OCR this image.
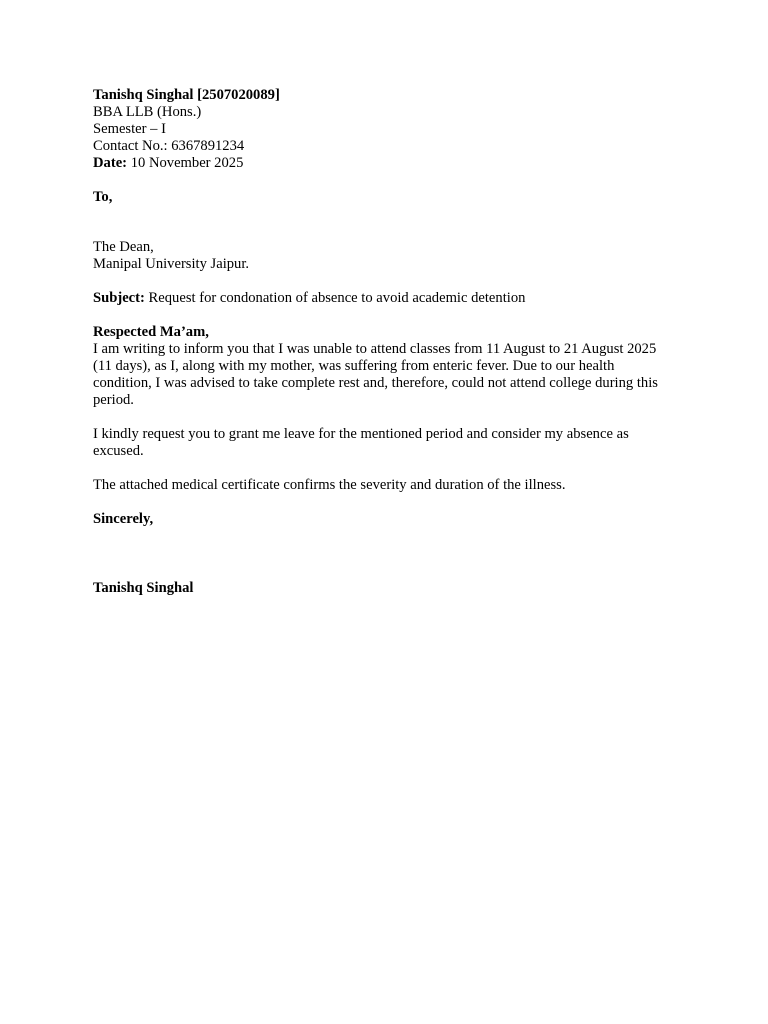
Tanishq Singhal [2507020089]
BBA LLB (Hons.)
Semester – I
Contact No.: 6367891234
Date: 10 November 2025
To,
The Dean,
Manipal University Jaipur.
Subject: Request for condonation of absence to avoid academic detention
Respected Ma’am,
I am writing to inform you that I was unable to attend classes from 11 August to 21 August 2025 (11 days), as I, along with my mother, was suffering from enteric fever. Due to our health condition, I was advised to take complete rest and, therefore, could not attend college during this period.
I kindly request you to grant me leave for the mentioned period and consider my absence as excused.
The attached medical certificate confirms the severity and duration of the illness.
Sincerely,
Tanishq Singhal
